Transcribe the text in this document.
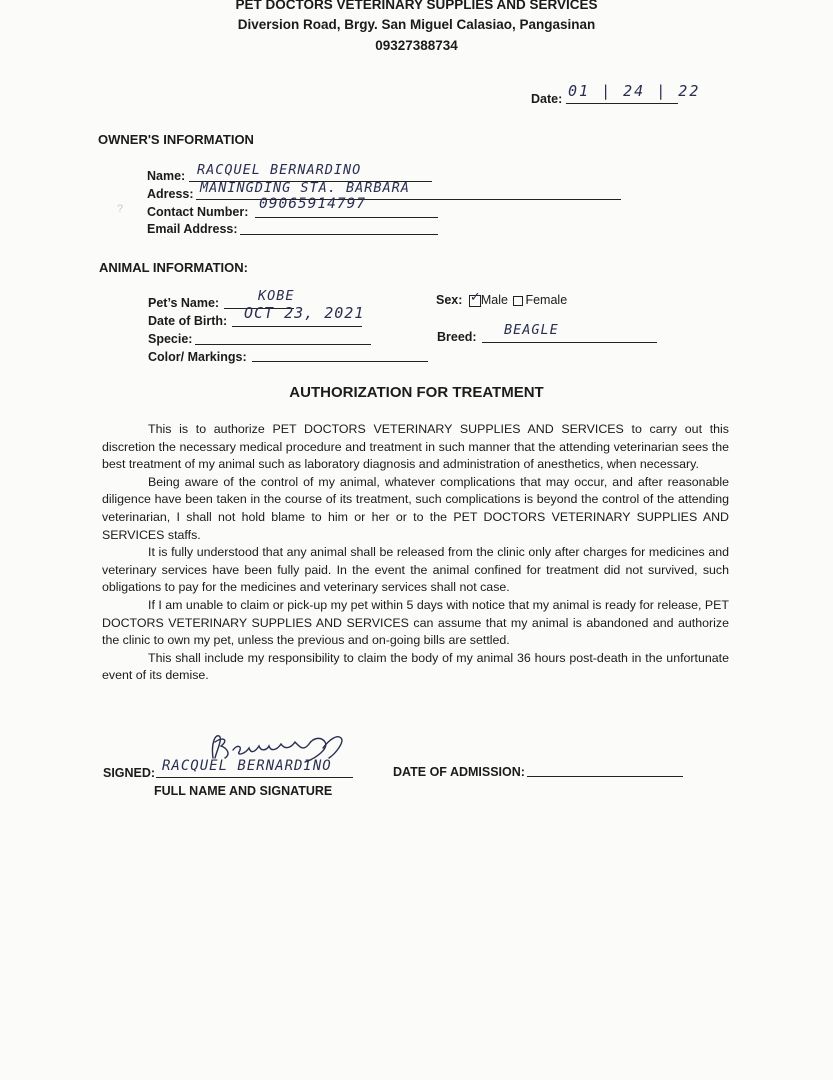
PET DOCTORS VETERINARY SUPPLIES AND SERVICES
Diversion Road, Brgy. San Miguel Calasiao, Pangasinan
09327388734
Date: 01 | 24 | 22
OWNER'S INFORMATION
Name: RACQUEL BERNARDINO
Adress: MANINGDING STA. BARBARA
? Contact Number: 09065914797
Email Address:
ANIMAL INFORMATION:
Pet’s Name:	KOBE
Date of Birth: OCT 23, 2021
Specie:
Color/ Markings:
Sex: ✓ Male Female
Breed: BEAGLE
AUTHORIZATION FOR TREATMENT

This is to authorize PET DOCTORS VETERINARY SUPPLIES AND SERVICES to carry out this discretion the necessary medical procedure and treatment in such manner that the attending veterinarian sees the best treatment of my animal such as laboratory diagnosis and administration of anesthetics, when necessary.

Being aware of the control of my animal, whatever complications that may occur, and after reasonable diligence have been taken in the course of its treatment, such complications is beyond the control of the attending veterinarian, I shall not hold blame to him or her or to the PET DOCTORS VETERINARY SUPPLIES AND SERVICES staffs.

It is fully understood that any animal shall be released from the clinic only after charges for medicines and veterinary services have been fully paid. In the event the animal confined for treatment did not survived, such obligations to pay for the medicines and veterinary services shall not case.

If I am unable to claim or pick-up my pet within 5 days with notice that my animal is ready for release, PET DOCTORS VETERINARY SUPPLIES AND SERVICES can assume that my animal is abandoned and authorize the clinic to own my pet, unless the previous and on-going bills are settled.

This shall include my responsibility to claim the body of my animal 36 hours post-death in the unfortunate event of its demise.

SIGNED: RACQUEL BERNARDINO
FULL NAME AND SIGNATURE
DATE OF ADMISSION:
